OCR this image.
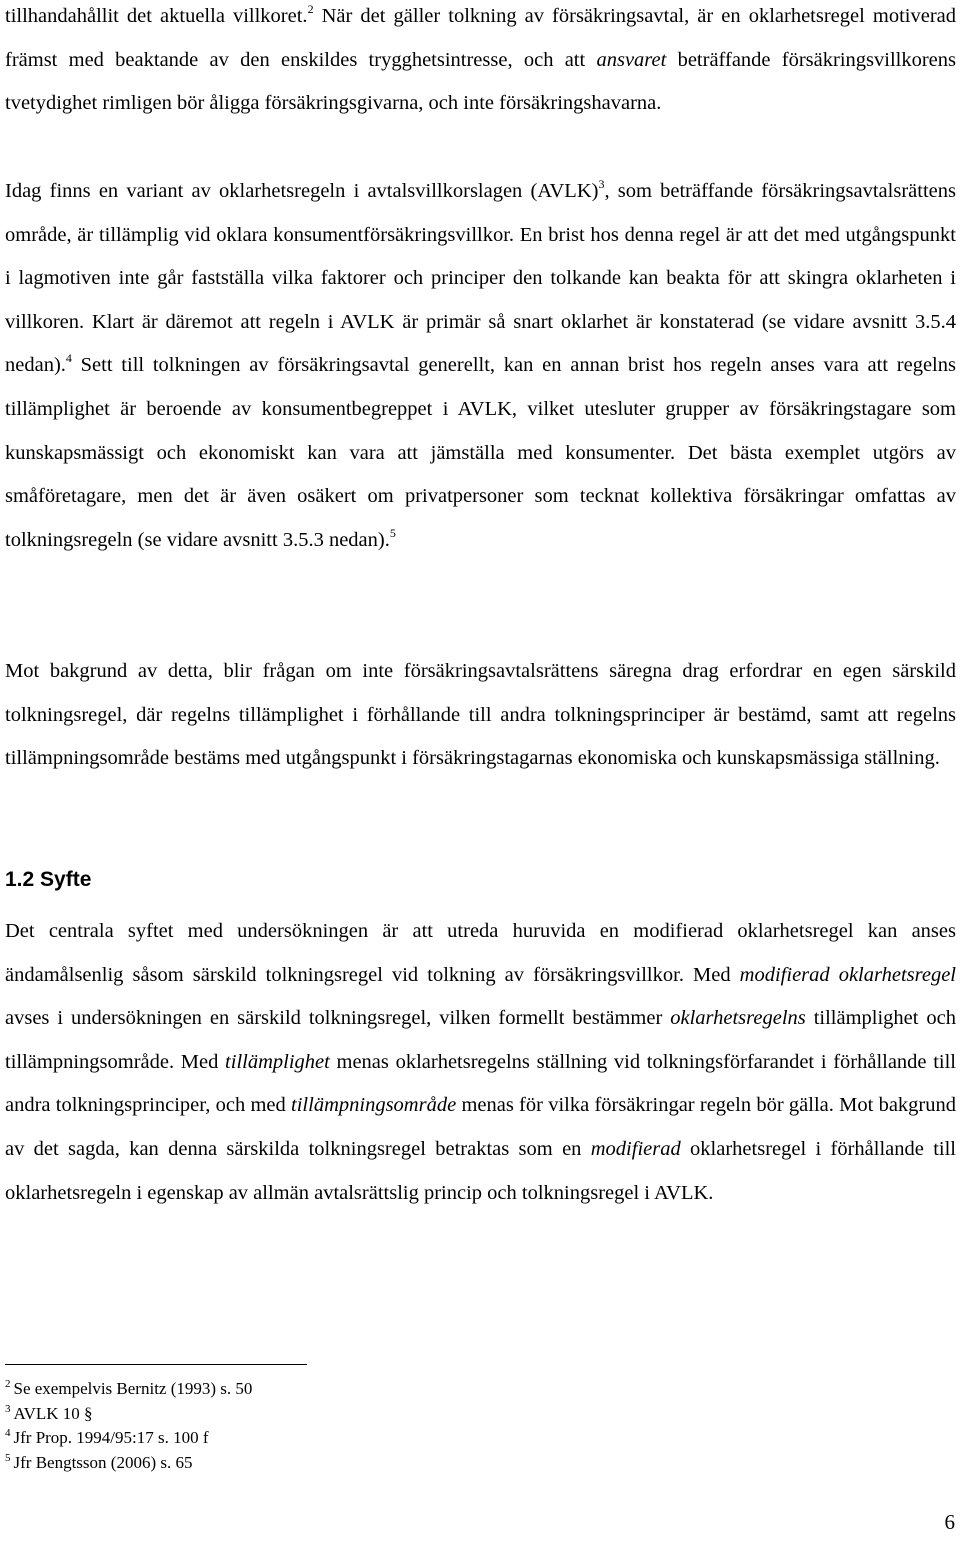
tillhandahållit det aktuella villkoret.$^2$ När det gäller tolkning av försäkringsavtal, är en oklarhetsregel motiverad främst med beaktande av den enskildes trygghetsintresse, och att ansvaret beträffande försäkringsvillkorens tvetydighet rimligen bör åligga försäkringsgivarna, och inte försäkringshavarna.

Idag finns en variant av oklarhetsregeln i avtalsvillkorslagen (AVLK)$^3$, som beträffande försäkringsavtalsrättens område, är tillämplig vid oklara konsumentförsäkringsvillkor. En brist hos denna regel är att det med utgångspunkt i lagmotiven inte går fastställa vilka faktorer och principer den tolkande kan beakta för att skingra oklarheten i villkoren. Klart är däremot att regeln i AVLK är primär så snart oklarhet är konstaterad (se vidare avsnitt 3.5.4 nedan).$^4$ Sett till tolkningen av försäkringsavtal generellt, kan en annan brist hos regeln anses vara att regelns tillämplighet är beroende av konsumentbegreppet i AVLK, vilket utesluter grupper av försäkringstagare som kunskapsmässigt och ekonomiskt kan vara att jämställa med konsumenter. Det bästa exemplet utgörs av småföretagare, men det är även osäkert om privatpersoner som tecknat kollektiva försäkringar omfattas av tolkningsregeln (se vidare avsnitt 3.5.3 nedan).$^5$

Mot bakgrund av detta, blir frågan om inte försäkringsavtalsrättens säregna drag erfordrar en egen särskild tolkningsregel, där regelns tillämplighet i förhållande till andra tolkningsprinciper är bestämd, samt att regelns tillämpningsområde bestäms med utgångspunkt i försäkringstagarnas ekonomiska och kunskapsmässiga ställning.

1.2 Syfte

Det centrala syftet med undersökningen är att utreda huruvida en modifierad oklarhetsregel kan anses ändamålsenlig såsom särskild tolkningsregel vid tolkning av försäkringsvillkor. Med modifierad oklarhetsregel avses i undersökningen en särskild tolkningsregel, vilken formellt bestämmer oklarhetsregelns tillämplighet och tillämpningsområde. Med tillämplighet menas oklarhetsregelns ställning vid tolkningsförfarandet i förhållande till andra tolkningsprinciper, och med tillämpningsområde menas för vilka försäkringar regeln bör gälla. Mot bakgrund av det sagda, kan denna särskilda tolkningsregel betraktas som en modifierad oklarhetsregel i förhållande till oklarhetsregeln i egenskap av allmän avtalsrättslig princip och tolkningsregel i AVLK.

$^2$ Se exempelvis Bernitz (1993) s. 50
$^3$ AVLK 10 §
$^4$ Jfr Prop. 1994/95:17 s. 100 f
$^5$ Jfr Bengtsson (2006) s. 65
6
